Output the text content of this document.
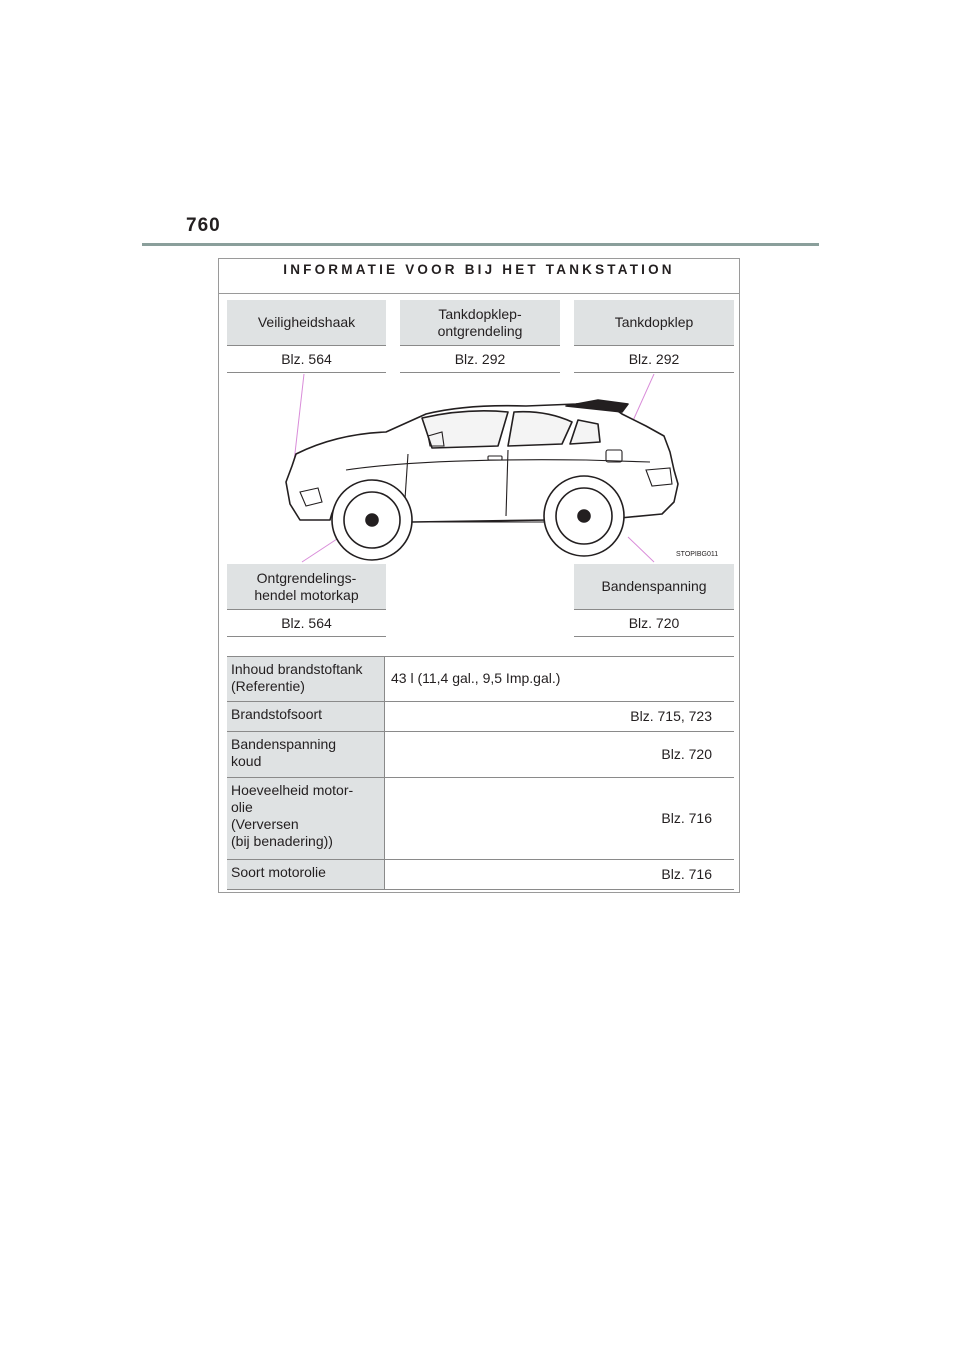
760
INFORMATIE VOOR BIJ HET TANKSTATION
Veiligheidshaak
Blz. 564
Tankdopklep-
ontgrendeling
Blz. 292
Tankdopklep
Blz. 292
STOPIBG011
Ontgrendelings-
hendel motorkap
Blz. 564
Bandenspanning
Blz. 720
Inhoud brandstoftank
(Referentie)	43 l (11,4 gal., 9,5 Imp.gal.)
Brandstofsoort	Blz. 715, 723
Bandenspanning
koud	Blz. 720
Hoeveelheid motor-
olie
(Verversen
(bij benadering))
Blz. 716
Soort motorolie	Blz. 716
